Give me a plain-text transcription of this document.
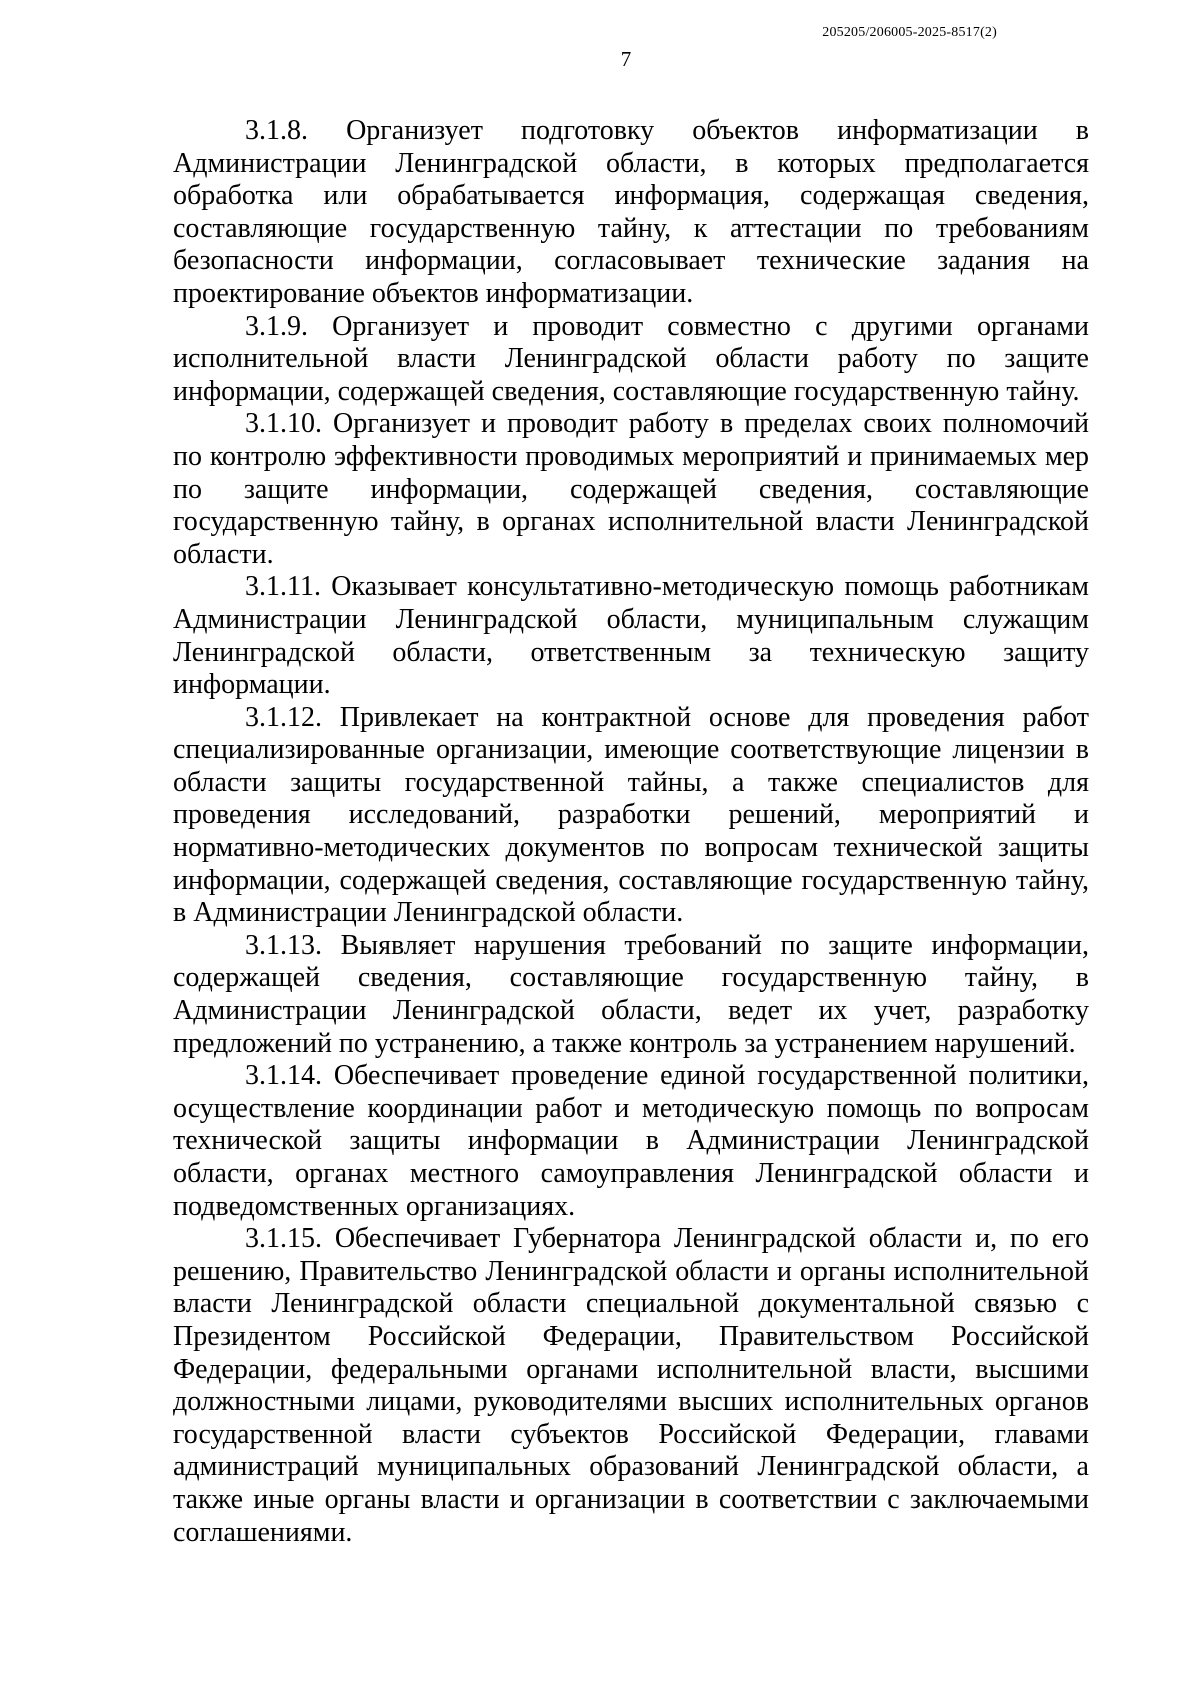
205205/206005-2025-8517(2)
7

3.1.8. Организует подготовку объектов информатизации в Администрации Ленинградской области, в которых предполагается обработка или обрабатывается информация, содержащая сведения, составляющие государственную тайну, к аттестации по требованиям безопасности информации, согласовывает технические задания на проектирование объектов информатизации.

3.1.9. Организует и проводит совместно с другими органами исполнительной власти Ленинградской области работу по защите информации, содержащей сведения, составляющие государственную тайну.

3.1.10. Организует и проводит работу в пределах своих полномочий по контролю эффективности проводимых мероприятий и принимаемых мер по защите информации, содержащей сведения, составляющие государственную тайну, в органах исполнительной власти Ленинградской области.

3.1.11. Оказывает консультативно-методическую помощь работникам Администрации Ленинградской области, муниципальным служащим Ленинградской области, ответственным за техническую защиту информации.

3.1.12. Привлекает на контрактной основе для проведения работ специализированные организации, имеющие соответствующие лицензии в области защиты государственной тайны, а также специалистов для проведения исследований, разработки решений, мероприятий и нормативно-методических документов по вопросам технической защиты информации, содержащей сведения, составляющие государственную тайну, в Администрации Ленинградской области.

3.1.13. Выявляет нарушения требований по защите информации, содержащей сведения, составляющие государственную тайну, в Администрации Ленинградской области, ведет их учет, разработку предложений по устранению, а также контроль за устранением нарушений.

3.1.14. Обеспечивает проведение единой государственной политики, осуществление координации работ и методическую помощь по вопросам технической защиты информации в Администрации Ленинградской области, органах местного самоуправления Ленинградской области и подведомственных организациях.

3.1.15. Обеспечивает Губернатора Ленинградской области и, по его решению, Правительство Ленинградской области и органы исполнительной власти Ленинградской области специальной документальной связью с Президентом Российской Федерации, Правительством Российской Федерации, федеральными органами исполнительной власти, высшими должностными лицами, руководителями высших исполнительных органов государственной власти субъектов Российской Федерации, главами администраций муниципальных образований Ленинградской области, а также иные органы власти и организации в соответствии с заключаемыми соглашениями.
